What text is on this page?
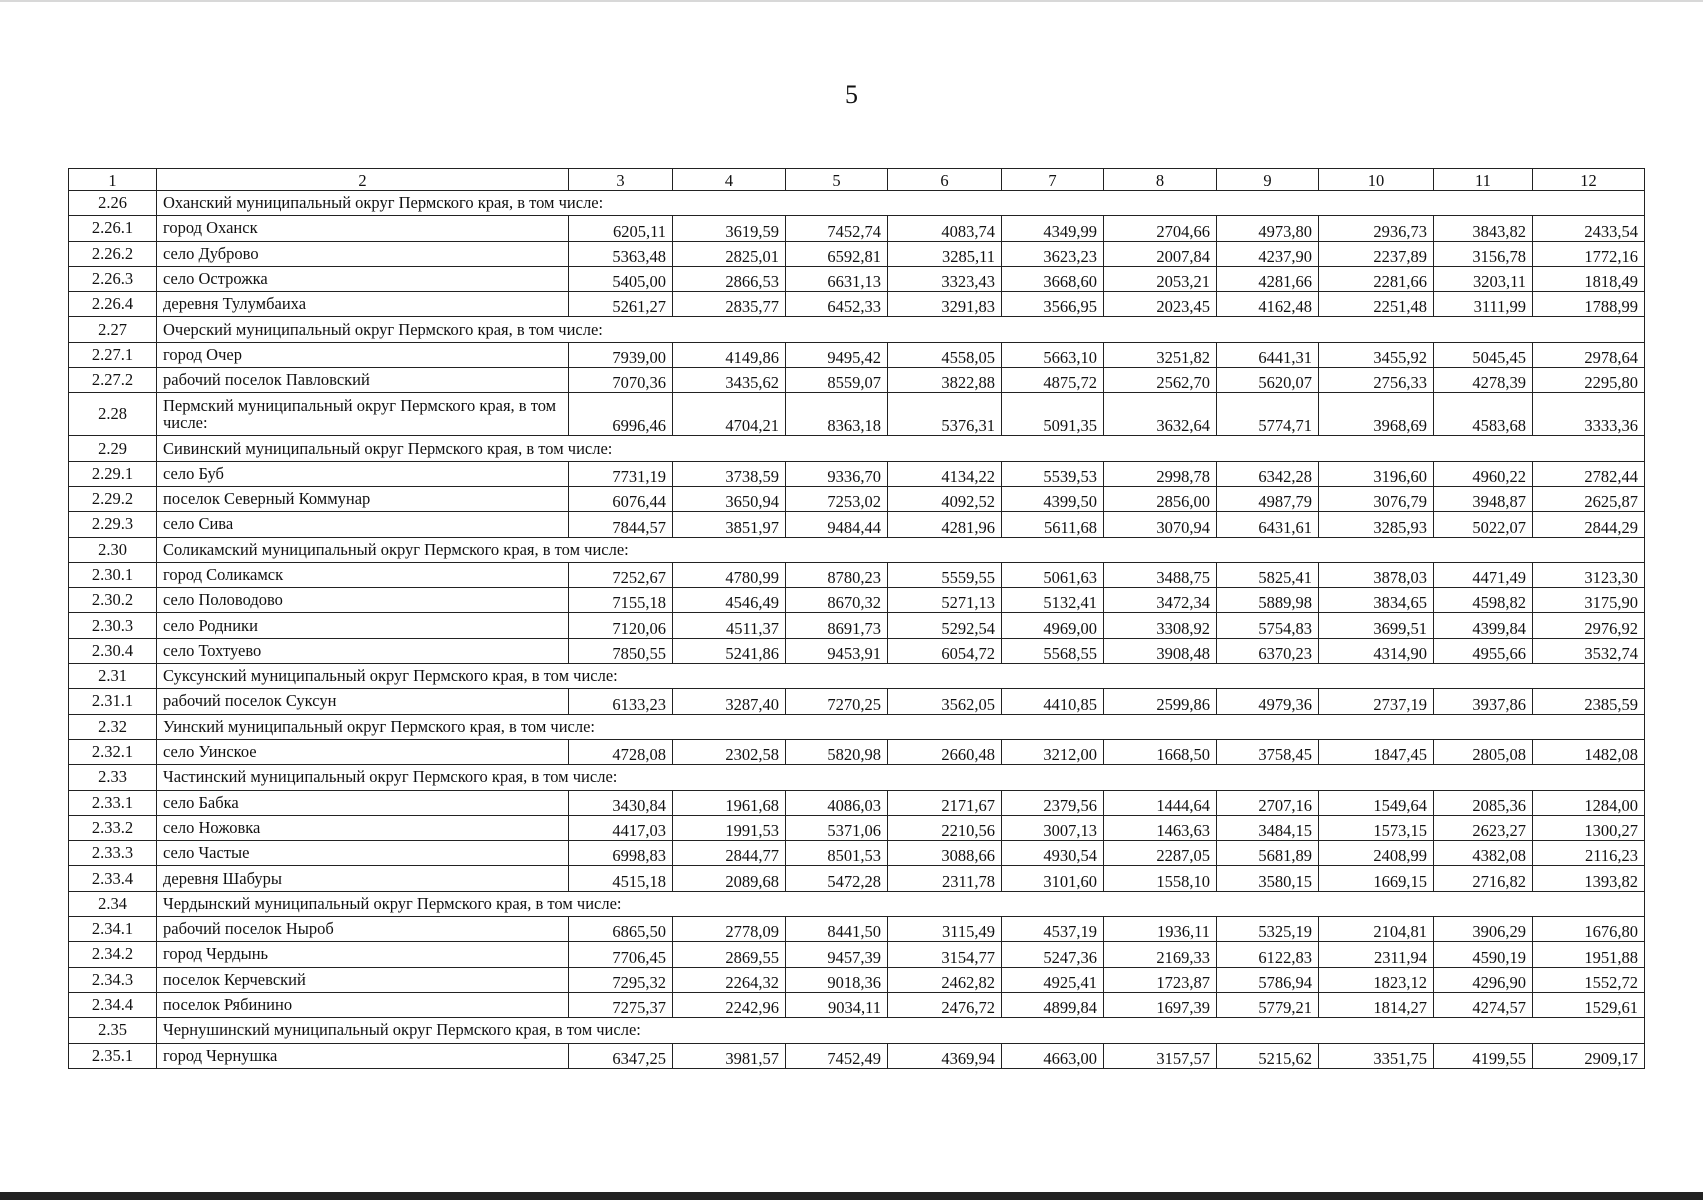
5
1	2	3	4	5	6	7	8	9	10	11	12
2.26	Оханский муниципальный округ Пермского края, в том числе:										
2.26.1	город Оханск	6205,11	3619,59	7452,74	4083,74	4349,99	2704,66	4973,80	2936,73	3843,82	2433,54
2.26.2	село Дуброво	5363,48	2825,01	6592,81	3285,11	3623,23	2007,84	4237,90	2237,89	3156,78	1772,16
2.26.3	село Острожка	5405,00	2866,53	6631,13	3323,43	3668,60	2053,21	4281,66	2281,66	3203,11	1818,49
2.26.4	деревня Тулумбаиха	5261,27	2835,77	6452,33	3291,83	3566,95	2023,45	4162,48	2251,48	3111,99	1788,99
2.27	Очерский муниципальный округ Пермского края, в том числе:										
2.27.1	город Очер	7939,00	4149,86	9495,42	4558,05	5663,10	3251,82	6441,31	3455,92	5045,45	2978,64
2.27.2	рабочий поселок Павловский	7070,36	3435,62	8559,07	3822,88	4875,72	2562,70	5620,07	2756,33	4278,39	2295,80
2.28	Пермский муниципальный округ Пермского края, в том числе:	6996,46	4704,21	8363,18	5376,31	5091,35	3632,64	5774,71	3968,69	4583,68	3333,36
2.29	Сивинский муниципальный округ Пермского края, в том числе:										
2.29.1	село Буб	7731,19	3738,59	9336,70	4134,22	5539,53	2998,78	6342,28	3196,60	4960,22	2782,44
2.29.2	поселок Северный Коммунар	6076,44	3650,94	7253,02	4092,52	4399,50	2856,00	4987,79	3076,79	3948,87	2625,87
2.29.3	село Сива	7844,57	3851,97	9484,44	4281,96	5611,68	3070,94	6431,61	3285,93	5022,07	2844,29
2.30	Соликамский муниципальный округ Пермского края, в том числе:										
2.30.1	город Соликамск	7252,67	4780,99	8780,23	5559,55	5061,63	3488,75	5825,41	3878,03	4471,49	3123,30
2.30.2	село Половодово	7155,18	4546,49	8670,32	5271,13	5132,41	3472,34	5889,98	3834,65	4598,82	3175,90
2.30.3	село Родники	7120,06	4511,37	8691,73	5292,54	4969,00	3308,92	5754,83	3699,51	4399,84	2976,92
2.30.4	село Тохтуево	7850,55	5241,86	9453,91	6054,72	5568,55	3908,48	6370,23	4314,90	4955,66	3532,74
2.31	Суксунский муниципальный округ Пермского края, в том числе:										
2.31.1	рабочий поселок Суксун	6133,23	3287,40	7270,25	3562,05	4410,85	2599,86	4979,36	2737,19	3937,86	2385,59
2.32	Уинский муниципальный округ Пермского края, в том числе:										
2.32.1	село Уинское	4728,08	2302,58	5820,98	2660,48	3212,00	1668,50	3758,45	1847,45	2805,08	1482,08
2.33	Частинский муниципальный округ Пермского края, в том числе:										
2.33.1	село Бабка	3430,84	1961,68	4086,03	2171,67	2379,56	1444,64	2707,16	1549,64	2085,36	1284,00
2.33.2	село Ножовка	4417,03	1991,53	5371,06	2210,56	3007,13	1463,63	3484,15	1573,15	2623,27	1300,27
2.33.3	село Частые	6998,83	2844,77	8501,53	3088,66	4930,54	2287,05	5681,89	2408,99	4382,08	2116,23
2.33.4	деревня Шабуры	4515,18	2089,68	5472,28	2311,78	3101,60	1558,10	3580,15	1669,15	2716,82	1393,82
2.34	Чердынский муниципальный округ Пермского края, в том числе:										
2.34.1	рабочий поселок Ныроб	6865,50	2778,09	8441,50	3115,49	4537,19	1936,11	5325,19	2104,81	3906,29	1676,80
2.34.2	город Чердынь	7706,45	2869,55	9457,39	3154,77	5247,36	2169,33	6122,83	2311,94	4590,19	1951,88
2.34.3	поселок Керчевский	7295,32	2264,32	9018,36	2462,82	4925,41	1723,87	5786,94	1823,12	4296,90	1552,72
2.34.4	поселок Рябинино	7275,37	2242,96	9034,11	2476,72	4899,84	1697,39	5779,21	1814,27	4274,57	1529,61
2.35	Чернушинский муниципальный округ Пермского края, в том числе:										
2.35.1	город Чернушка	6347,25	3981,57	7452,49	4369,94	4663,00	3157,57	5215,62	3351,75	4199,55	2909,17
